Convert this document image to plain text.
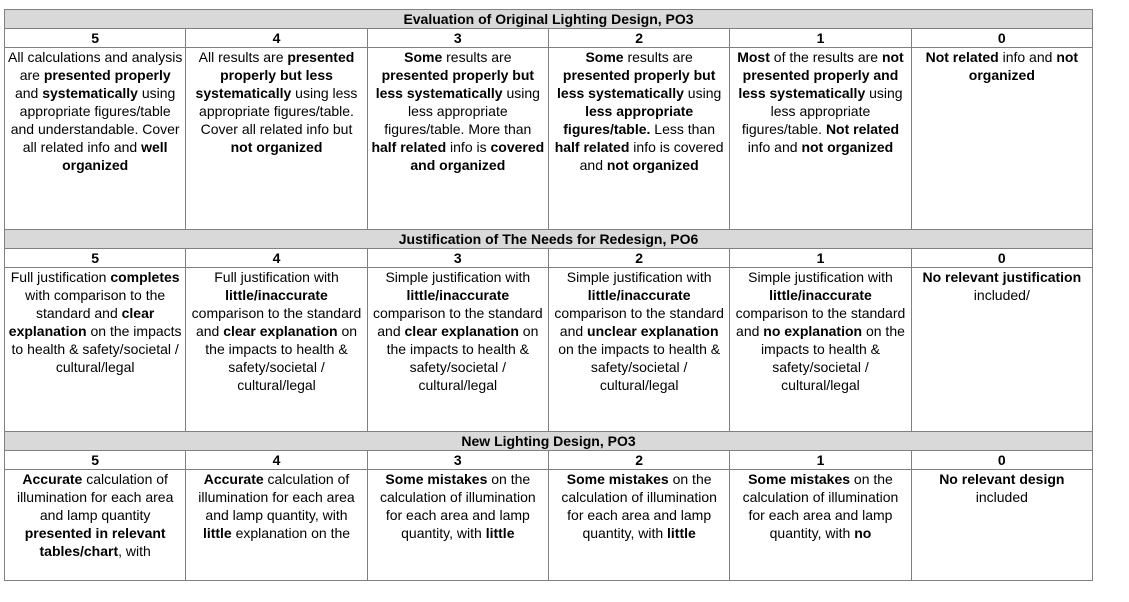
Evaluation of Original Lighting Design, PO3					
5	4	3	2	1	0
All calculations and analysis are presented properly and systematically using appropriate figures/table and understandable. Cover all related info and well organized	All results are presented properly but less systematically using less appropriate figures/table. Cover all related info but not organized	Some results are presented properly but less systematically using less appropriate figures/table. More than half related info is covered and organized	Some results are presented properly but less systematically using less appropriate figures/table. Less than half related info is covered and not organized	Most of the results are not presented properly and less systematically using less appropriate figures/table. Not related info and not organized	Not related info and not organized
Justification of The Needs for Redesign, PO6					
5	4	3	2	1	0
Full justification completes with comparison to the standard and clear explanation on the impacts to health & safety/societal / cultural/legal	Full justification with little/inaccurate comparison to the standard and clear explanation on the impacts to health & safety/societal / cultural/legal	Simple justification with little/inaccurate comparison to the standard and clear explanation on the impacts to health & safety/societal / cultural/legal	Simple justification with little/inaccurate comparison to the standard and unclear explanation on the impacts to health & safety/societal / cultural/legal	Simple justification with little/inaccurate comparison to the standard and no explanation on the impacts to health & safety/societal / cultural/legal	No relevant justification included/
New Lighting Design, PO3					
5	4	3	2	1	0
Accurate calculation of illumination for each area and lamp quantity presented in relevant tables/chart, with	Accurate calculation of illumination for each area and lamp quantity, with little explanation on the	Some mistakes on the calculation of illumination for each area and lamp quantity, with little	Some mistakes on the calculation of illumination for each area and lamp quantity, with little	Some mistakes on the calculation of illumination for each area and lamp quantity, with no	No relevant design included
